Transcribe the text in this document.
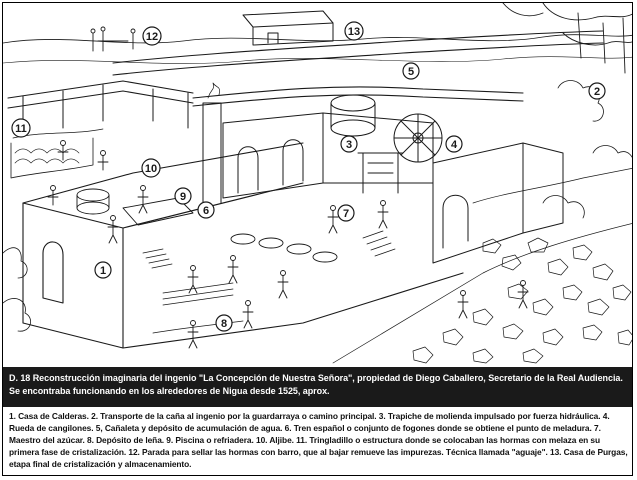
1
2
3	4
5
6	7
8
9
10
11
12	13
D. 18 Reconstrucción imaginaria del ingenio "La Concepción de Nuestra Señora", propiedad de Diego Caballero, Secretario de la Real Audiencia. Se encontraba funcionando en los alrededores de Nigua desde 1525, aprox.
1. Casa de Calderas. 2. Transporte de la caña al ingenio por la guardarraya o camino principal. 3. Trapiche de molienda impulsado por fuerza hidráulica. 4. Rueda de cangilones. 5, Cañaleta y depósito de acumulación de agua. 6. Tren español o conjunto de fogones donde se obtiene el punto de meladura. 7. Maestro del azúcar. 8. Depósito de leña. 9. Piscina o refriadera. 10. Aljibe. 11. Tringladillo o estructura donde se colocaban las hormas con melaza en su primera fase de cristalización. 12. Parada para sellar las hormas con barro, que al bajar remueve las impurezas. Técnica llamada "aguaje". 13. Casa de Purgas, etapa final de cristalización y almacenamiento.
